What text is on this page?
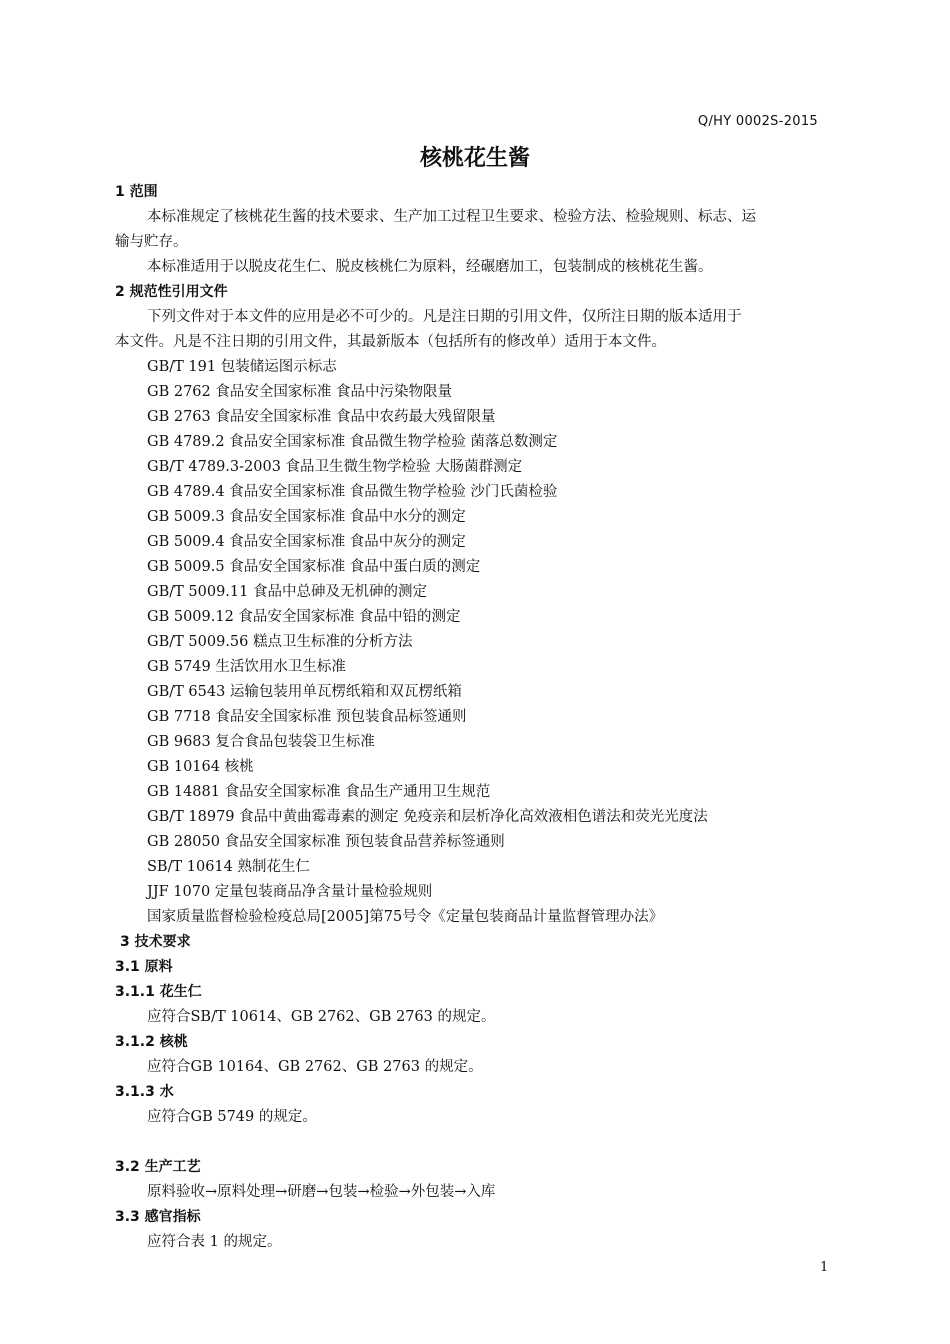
Q/HY 0002S-2015
核桃花生酱
1 范围
本标准规定了核桃花生酱的技术要求、生产加工过程卫生要求、检验方法、检验规则、标志、运
输与贮存。
本标准适用于以脱皮花生仁、脱皮核桃仁为原料，经碾磨加工，包装制成的核桃花生酱。
2 规范性引用文件
下列文件对于本文件的应用是必不可少的。凡是注日期的引用文件，仅所注日期的版本适用于
本文件。凡是不注日期的引用文件，其最新版本（包括所有的修改单）适用于本文件。
GB/T 191 包装储运图示标志
GB 2762 食品安全国家标准 食品中污染物限量
GB 2763 食品安全国家标准 食品中农药最大残留限量
GB 4789.2 食品安全国家标准 食品微生物学检验 菌落总数测定
GB/T 4789.3-2003 食品卫生微生物学检验 大肠菌群测定
GB 4789.4 食品安全国家标准 食品微生物学检验 沙门氏菌检验
GB 5009.3 食品安全国家标准 食品中水分的测定
GB 5009.4 食品安全国家标准 食品中灰分的测定
GB 5009.5 食品安全国家标准 食品中蛋白质的测定
GB/T 5009.11 食品中总砷及无机砷的测定
GB 5009.12 食品安全国家标准 食品中铅的测定
GB/T 5009.56 糕点卫生标准的分析方法
GB 5749 生活饮用水卫生标准
GB/T 6543 运输包装用单瓦楞纸箱和双瓦楞纸箱
GB 7718 食品安全国家标准 预包装食品标签通则
GB 9683 复合食品包装袋卫生标准
GB 10164 核桃
GB 14881 食品安全国家标准 食品生产通用卫生规范
GB/T 18979 食品中黄曲霉毒素的测定 免疫亲和层析净化高效液相色谱法和荧光光度法
GB 28050 食品安全国家标准 预包装食品营养标签通则
SB/T 10614 熟制花生仁
JJF 1070 定量包装商品净含量计量检验规则
国家质量监督检验检疫总局[2005]第75号令《定量包装商品计量监督管理办法》
3 技术要求
3.1 原料
3.1.1 花生仁
应符合SB/T 10614、GB 2762、GB 2763 的规定。
3.1.2 核桃
应符合GB 10164、GB 2762、GB 2763 的规定。
3.1.3 水
应符合GB 5749 的规定。
3.2 生产工艺
原料验收→原料处理→研磨→包装→检验→外包装→入库
3.3 感官指标
应符合表 1 的规定。
1
